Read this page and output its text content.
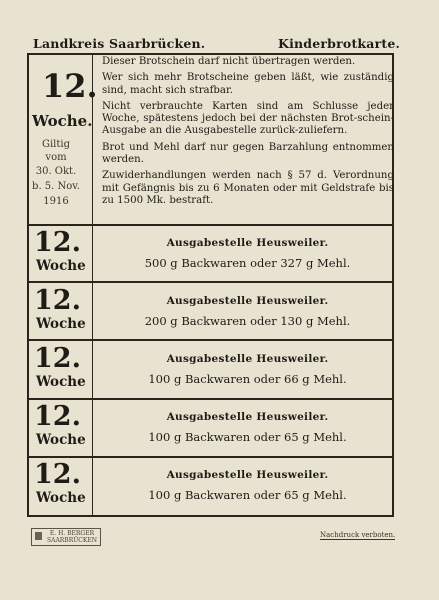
Landkreis Saarbrücken.	Kinderbrotkarte.
12.
Woche.
Giltig
vom
30. Okt.
b. 5. Nov.
1916

Dieser Brotschein darf nicht übertragen werden.

Wer sich mehr Brotscheine geben läßt, wie zuständig sind, macht sich strafbar.

Nicht verbrauchte Karten sind am Schlusse jeder Woche, spätestens jedoch bei der nächsten Brot-schein-Ausgabe an die Ausgabestelle zurück-zuliefern.

Brot und Mehl darf nur gegen Barzahlung entnommen werden.

Zuwiderhandlungen werden nach § 57 d. Verordnung mit Gefängnis bis zu 6 Monaten oder mit Geldstrafe bis zu 1500 Mk. bestraft.

12.
Woche
Ausgabestelle Heusweiler.
500 g Backwaren oder 327 g Mehl.
12.
Woche
Ausgabestelle Heusweiler.
200 g Backwaren oder 130 g Mehl.
12.
Woche
Ausgabestelle Heusweiler.
100 g Backwaren oder 66 g Mehl.
12.
Woche
Ausgabestelle Heusweiler.
100 g Backwaren oder 65 g Mehl.
12.
Woche
Ausgabestelle Heusweiler.
100 g Backwaren oder 65 g Mehl.
E. H. BERGER
SAARBRÜCKEN
Nachdruck verboten.
